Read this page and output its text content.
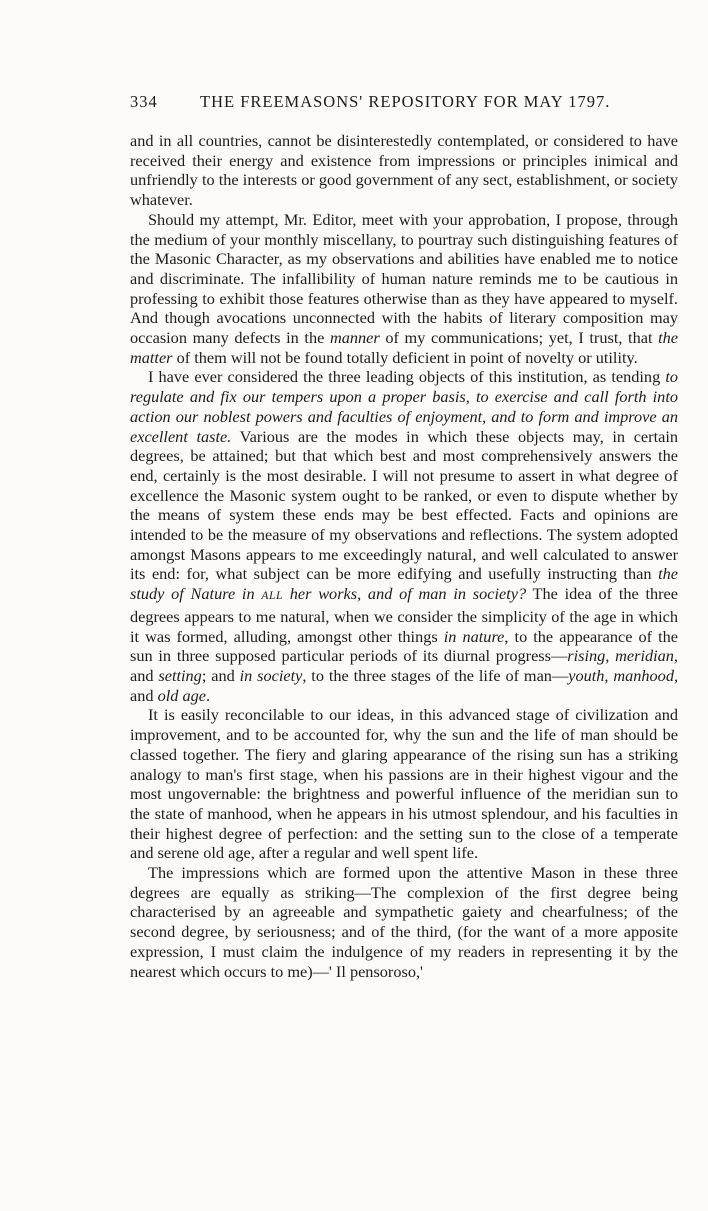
334	THE FREEMASONS' REPOSITORY FOR MAY 1797.

and in all countries, cannot be disinterestedly contemplated, or considered to have received their energy and existence from impressions or principles inimical and unfriendly to the interests or good government of any sect, establishment, or society whatever.

Should my attempt, Mr. Editor, meet with your approbation, I propose, through the medium of your monthly miscellany, to pourtray such distinguishing features of the Masonic Character, as my observations and abilities have enabled me to notice and discriminate. The infallibility of human nature reminds me to be cautious in professing to exhibit those features otherwise than as they have appeared to myself. And though avocations unconnected with the habits of literary composition may occasion many defects in the manner of my communications; yet, I trust, that the matter of them will not be found totally deficient in point of novelty or utility.

I have ever considered the three leading objects of this institution, as tending to regulate and fix our tempers upon a proper basis, to exercise and call forth into action our noblest powers and faculties of enjoyment, and to form and improve an excellent taste. Various are the modes in which these objects may, in certain degrees, be attained; but that which best and most comprehensively answers the end, certainly is the most desirable. I will not presume to assert in what degree of excellence the Masonic system ought to be ranked, or even to dispute whether by the means of system these ends may be best effected. Facts and opinions are intended to be the measure of my observations and reflections. The system adopted amongst Masons appears to me exceedingly natural, and well calculated to answer its end: for, what subject can be more edifying and usefully instructing than the study of Nature in ALL her works, and of man in society? The idea of the three degrees appears to me natural, when we consider the simplicity of the age in which it was formed, alluding, amongst other things in nature, to the appearance of the sun in three supposed particular periods of its diurnal progress—rising, meridian, and setting; and in society, to the three stages of the life of man—youth, manhood, and old age.

It is easily reconcilable to our ideas, in this advanced stage of civilization and improvement, and to be accounted for, why the sun and the life of man should be classed together. The fiery and glaring appearance of the rising sun has a striking analogy to man's first stage, when his passions are in their highest vigour and the most ungovernable: the brightness and powerful influence of the meridian sun to the state of manhood, when he appears in his utmost splendour, and his faculties in their highest degree of perfection: and the setting sun to the close of a temperate and serene old age, after a regular and well spent life.

The impressions which are formed upon the attentive Mason in these three degrees are equally as striking—The complexion of the first degree being characterised by an agreeable and sympathetic gaiety and chearfulness; of the second degree, by seriousness; and of the third, (for the want of a more apposite expression, I must claim the indulgence of my readers in representing it by the nearest which occurs to me)—' Il pensoroso,'
